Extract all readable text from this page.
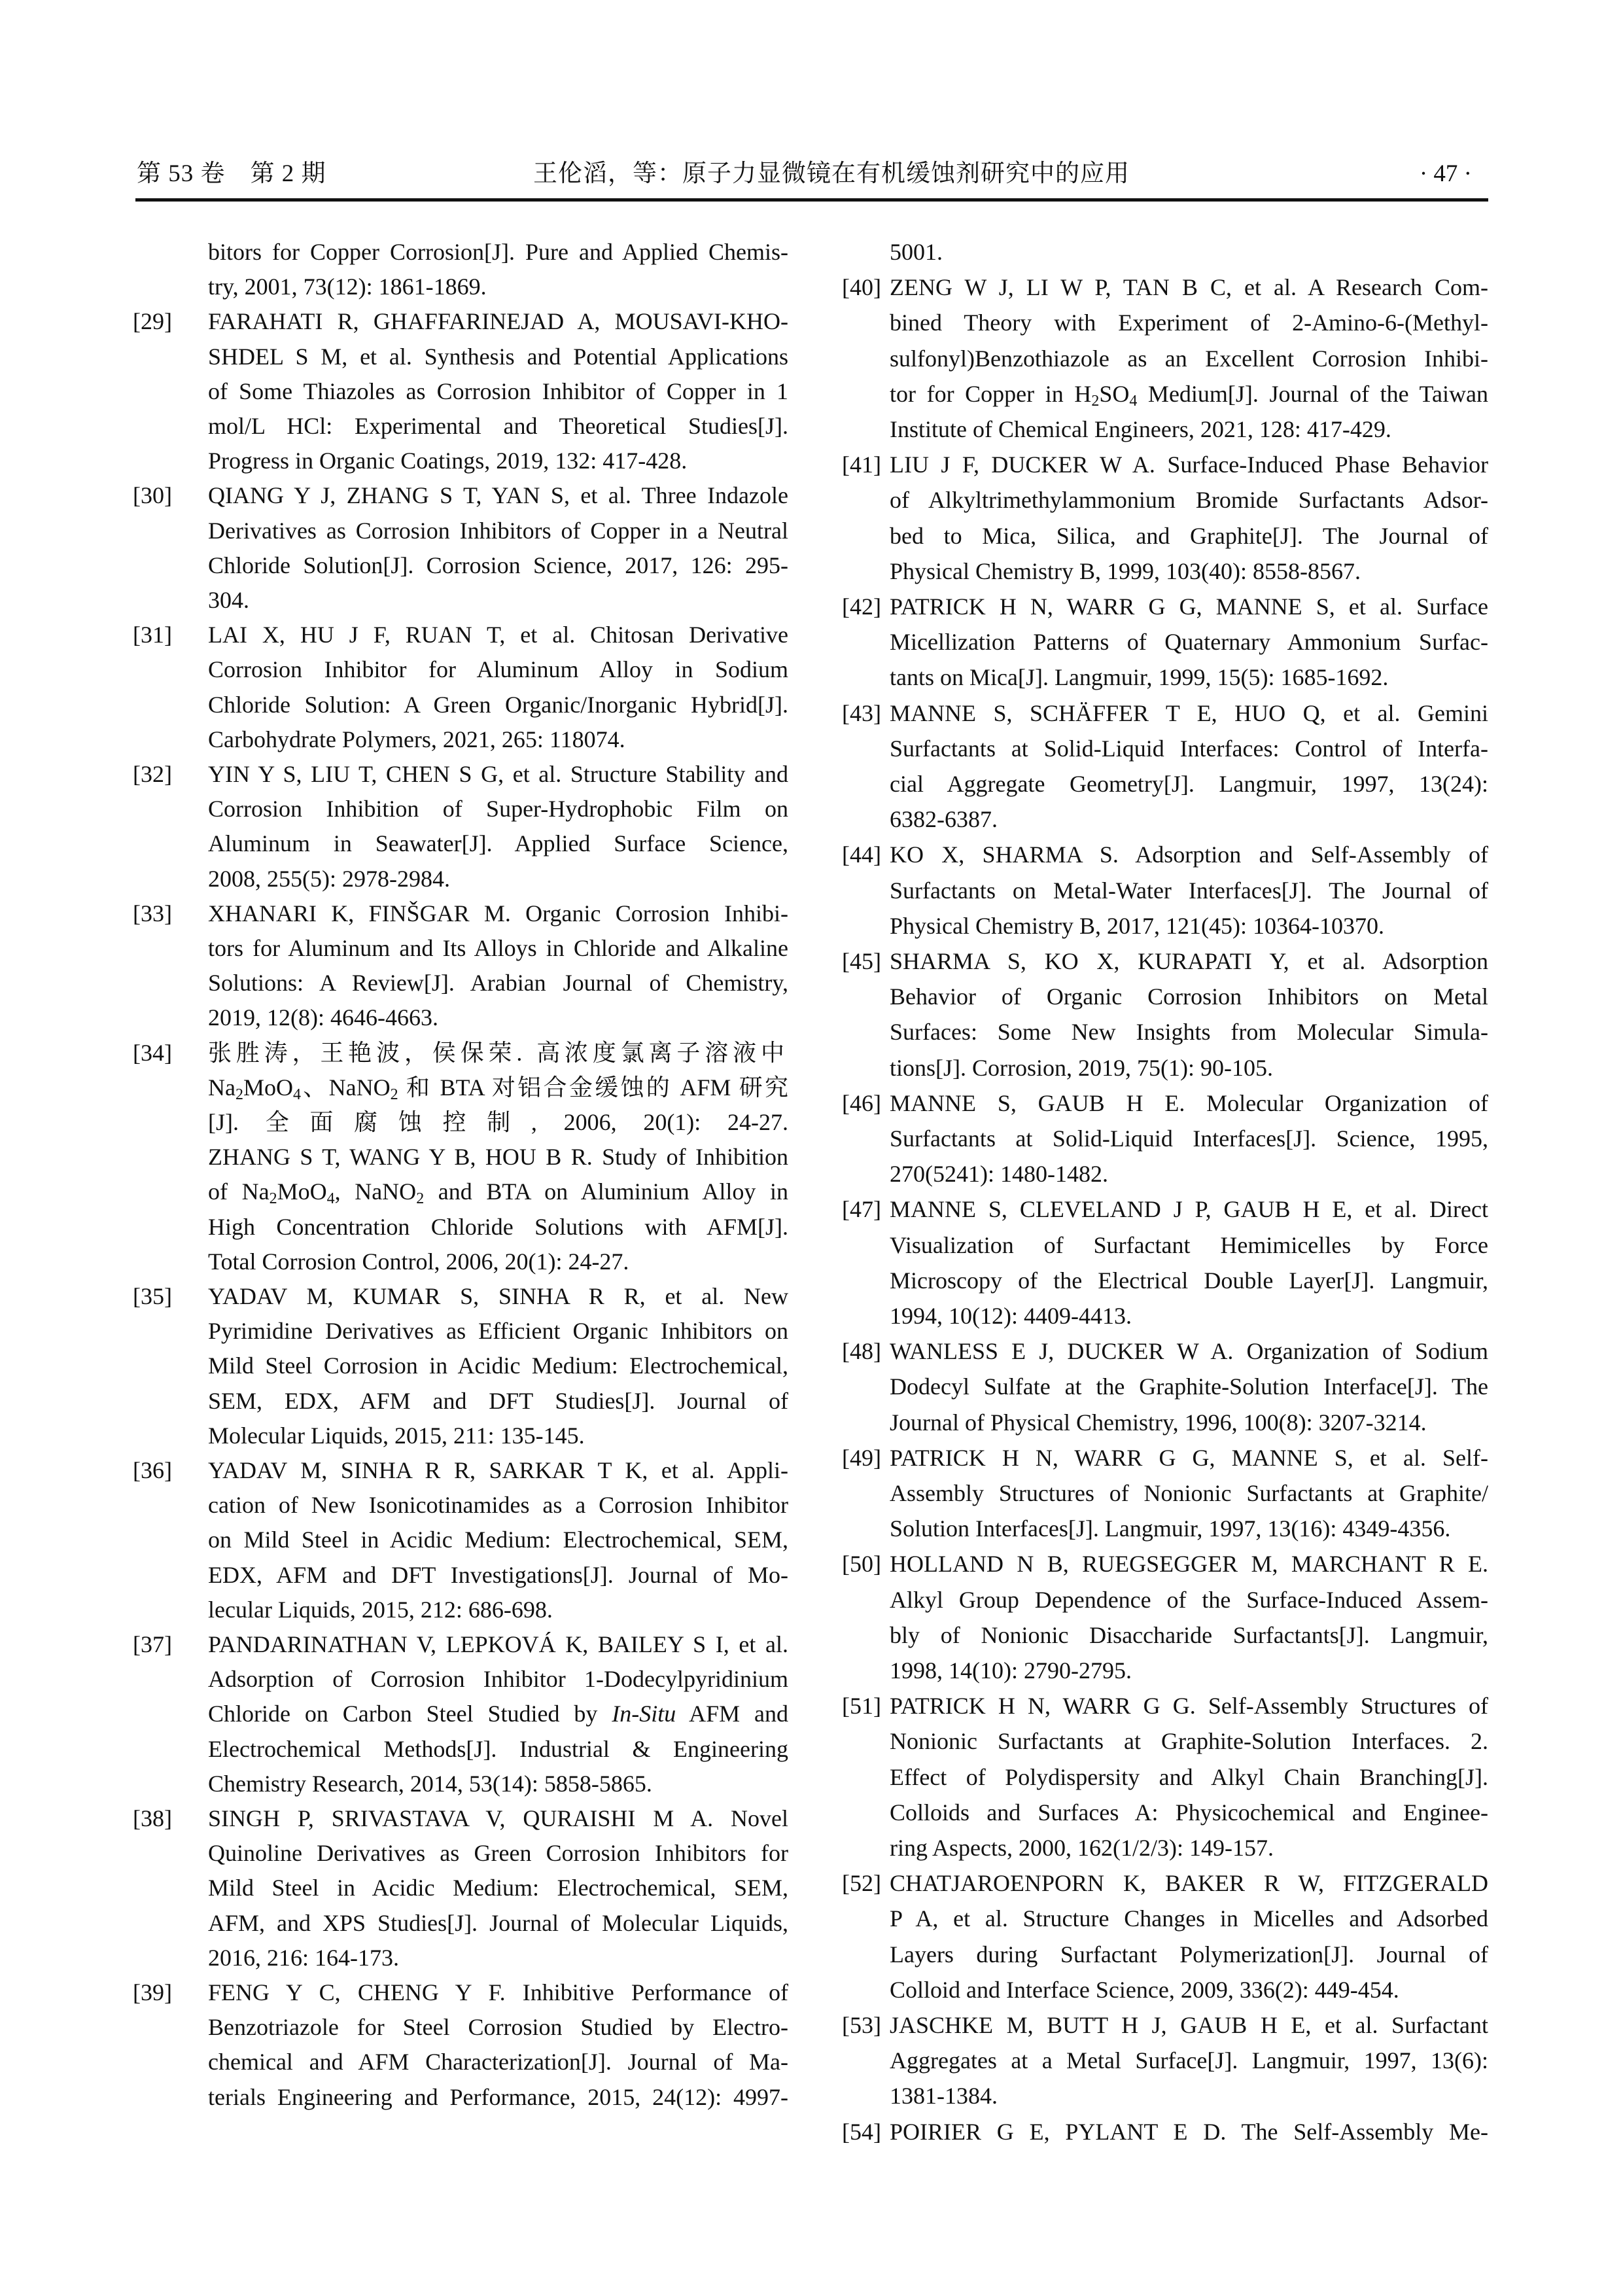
第 53 卷　第 2 期	王伦滔，等：原子力显微镜在有机缓蚀剂研究中的应用	· 47 ·
bitors for Copper Corrosion[J]. Pure and Applied Chemis-
try, 2001, 73(12): 1861-1869.
[29] FARAHATI R, GHAFFARINEJAD A, MOUSAVI-KHO-
SHDEL S M, et al. Synthesis and Potential Applications
of Some Thiazoles as Corrosion Inhibitor of Copper in 1
mol/L HCl: Experimental and Theoretical Studies[J].
Progress in Organic Coatings, 2019, 132: 417-428.
[30] QIANG Y J, ZHANG S T, YAN S, et al. Three Indazole
Derivatives as Corrosion Inhibitors of Copper in a Neutral
Chloride Solution[J]. Corrosion Science, 2017, 126: 295-
304.
[31] LAI X, HU J F, RUAN T, et al. Chitosan Derivative
Corrosion Inhibitor for Aluminum Alloy in Sodium
Chloride Solution: A Green Organic/Inorganic Hybrid[J].
Carbohydrate Polymers, 2021, 265: 118074.
[32] YIN Y S, LIU T, CHEN S G, et al. Structure Stability and
Corrosion Inhibition of Super-Hydrophobic Film on
Aluminum in Seawater[J]. Applied Surface Science,
2008, 255(5): 2978-2984.
[33] XHANARI K, FINŠGAR M. Organic Corrosion Inhibi-
tors for Aluminum and Its Alloys in Chloride and Alkaline
Solutions: A Review[J]. Arabian Journal of Chemistry,
2019, 12(8): 4646-4663.
[34] 张胜涛，王艳波，侯保荣. 高浓度氯离子溶液中
$Na_2MoO_4$、NaNO$_2$ 和 BTA 对铝合金缓蚀的 AFM 研究
[J]. 全面腐蚀控制, 2006, 20(1): 24-27.
ZHANG S T, WANG Y B, HOU B R. Study of Inhibition
of $Na_2MoO_4$, NaNO$_2$ and BTA on Aluminium Alloy in
High Concentration Chloride Solutions with AFM[J].
Total Corrosion Control, 2006, 20(1): 24-27.
[35] YADAV M, KUMAR S, SINHA R R, et al. New
Pyrimidine Derivatives as Efficient Organic Inhibitors on
Mild Steel Corrosion in Acidic Medium: Electrochemical,
SEM, EDX, AFM and DFT Studies[J]. Journal of
Molecular Liquids, 2015, 211: 135-145.
[36] YADAV M, SINHA R R, SARKAR T K, et al. Appli-
cation of New Isonicotinamides as a Corrosion Inhibitor
on Mild Steel in Acidic Medium: Electrochemical, SEM,
EDX, AFM and DFT Investigations[J]. Journal of Mo-
lecular Liquids, 2015, 212: 686-698.
[37] PANDARINATHAN V, LEPKOVÁ K, BAILEY S I, et al.
Adsorption of Corrosion Inhibitor 1-Dodecylpyridinium
Chloride on Carbon Steel Studied by In-Situ AFM and
Electrochemical Methods[J]. Industrial & Engineering
Chemistry Research, 2014, 53(14): 5858-5865.
[38] SINGH P, SRIVASTAVA V, QURAISHI M A. Novel
Quinoline Derivatives as Green Corrosion Inhibitors for
Mild Steel in Acidic Medium: Electrochemical, SEM,
AFM, and XPS Studies[J]. Journal of Molecular Liquids,
2016, 216: 164-173.
[39] FENG Y C, CHENG Y F. Inhibitive Performance of
Benzotriazole for Steel Corrosion Studied by Electro-
chemical and AFM Characterization[J]. Journal of Ma-
terials Engineering and Performance, 2015, 24(12): 4997-
5001.
[40] ZENG W J, LI W P, TAN B C, et al. A Research Com-
bined Theory with Experiment of 2-Amino-6-(Methyl-
sulfonyl)Benzothiazole as an Excellent Corrosion Inhibi-
tor for Copper in $H_2SO_4$ Medium[J]. Journal of the Taiwan
Institute of Chemical Engineers, 2021, 128: 417-429.
[41] LIU J F, DUCKER W A. Surface-Induced Phase Behavior
of Alkyltrimethylammonium Bromide Surfactants Adsor-
bed to Mica, Silica, and Graphite[J]. The Journal of
Physical Chemistry B, 1999, 103(40): 8558-8567.
[42] PATRICK H N, WARR G G, MANNE S, et al. Surface
Micellization Patterns of Quaternary Ammonium Surfac-
tants on Mica[J]. Langmuir, 1999, 15(5): 1685-1692.
[43] MANNE S, SCHÄFFER T E, HUO Q, et al. Gemini
Surfactants at Solid-Liquid Interfaces: Control of Interfa-
cial Aggregate Geometry[J]. Langmuir, 1997, 13(24):
6382-6387.
[44] KO X, SHARMA S. Adsorption and Self-Assembly of
Surfactants on Metal-Water Interfaces[J]. The Journal of
Physical Chemistry B, 2017, 121(45): 10364-10370.
[45] SHARMA S, KO X, KURAPATI Y, et al. Adsorption
Behavior of Organic Corrosion Inhibitors on Metal
Surfaces: Some New Insights from Molecular Simula-
tions[J]. Corrosion, 2019, 75(1): 90-105.
[46] MANNE S, GAUB H E. Molecular Organization of
Surfactants at Solid-Liquid Interfaces[J]. Science, 1995,
270(5241): 1480-1482.
[47] MANNE S, CLEVELAND J P, GAUB H E, et al. Direct
Visualization of Surfactant Hemimicelles by Force
Microscopy of the Electrical Double Layer[J]. Langmuir,
1994, 10(12): 4409-4413.
[48] WANLESS E J, DUCKER W A. Organization of Sodium
Dodecyl Sulfate at the Graphite-Solution Interface[J]. The
Journal of Physical Chemistry, 1996, 100(8): 3207-3214.
[49] PATRICK H N, WARR G G, MANNE S, et al. Self-
Assembly Structures of Nonionic Surfactants at Graphite/
Solution Interfaces[J]. Langmuir, 1997, 13(16): 4349-4356.
[50] HOLLAND N B, RUEGSEGGER M, MARCHANT R E.
Alkyl Group Dependence of the Surface-Induced Assem-
bly of Nonionic Disaccharide Surfactants[J]. Langmuir,
1998, 14(10): 2790-2795.
[51] PATRICK H N, WARR G G. Self-Assembly Structures of
Nonionic Surfactants at Graphite-Solution Interfaces. 2.
Effect of Polydispersity and Alkyl Chain Branching[J].
Colloids and Surfaces A: Physicochemical and Enginee-
ring Aspects, 2000, 162(1/2/3): 149-157.
[52] CHATJAROENPORN K, BAKER R W, FITZGERALD
P A, et al. Structure Changes in Micelles and Adsorbed
Layers during Surfactant Polymerization[J]. Journal of
Colloid and Interface Science, 2009, 336(2): 449-454.
[53] JASCHKE M, BUTT H J, GAUB H E, et al. Surfactant
Aggregates at a Metal Surface[J]. Langmuir, 1997, 13(6):
1381-1384.
[54] POIRIER G E, PYLANT E D. The Self-Assembly Me-
